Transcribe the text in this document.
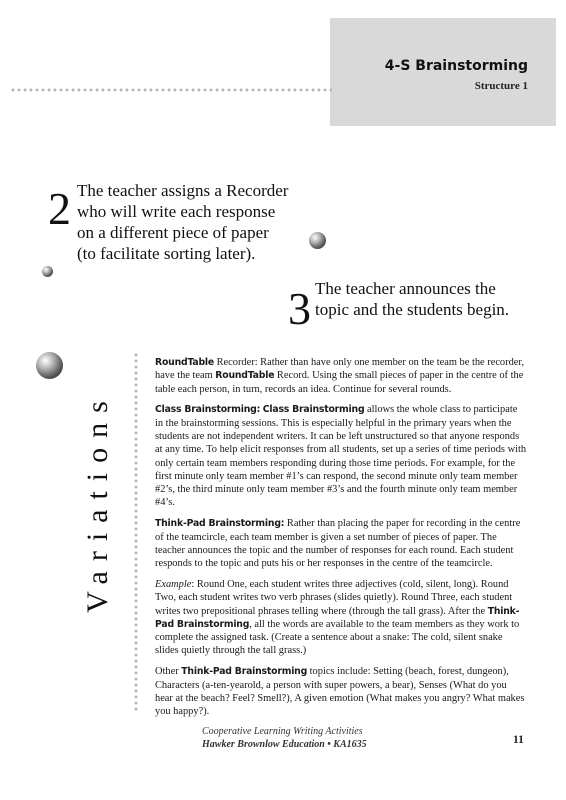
4-S Brainstorming
Structure 1
2 The teacher assigns a Recorder
who will write each response
on a different piece of paper
(to facilitate sorting later).
3 The teacher announces the
topic and the students begin.
Variations

RoundTable Recorder: Rather than have only one member on the team be the recorder, have the team RoundTable Record. Using the small pieces of paper in the centre of the table each person, in turn, records an idea. Continue for several rounds.

Class Brainstorming: Class Brainstorming allows the whole class to participate in the brainstorming sessions. This is especially helpful in the primary years when the students are not independent writers. It can be left unstructured so that anyone responds at any time. To help elicit responses from all students, set up a series of time periods with only certain team members responding during those time periods. For example, for the first minute only team member #1’s can respond, the second minute only team member #2’s, the third minute only team member #3’s and the fourth minute only team member #4’s.

Think-Pad Brainstorming: Rather than placing the paper for recording in the centre of the teamcircle, each team member is given a set number of pieces of paper. The teacher announces the topic and the number of responses for each round. Each student responds to the topic and puts his or her responses in the centre of the teamcircle.

Example: Round One, each student writes three adjectives (cold, silent, long). Round Two, each student writes two verb phrases (slides quietly). Round Three, each student writes two prepositional phrases telling where (through the tall grass). After the Think-Pad Brainstorming, all the words are available to the team members as they work to complete the assigned task. (Create a sentence about a snake: The cold, silent snake slides quietly through the tall grass.)

Other Think-Pad Brainstorming topics include: Setting (beach, forest, dungeon), Characters (a-ten-yearold, a person with super powers, a bear), Senses (What do you hear at the beach? Feel? Smell?), A given emotion (What makes you angry? What makes you happy?).

Cooperative Learning Writing Activities
Hawker Brownlow Education • KA1635	11
